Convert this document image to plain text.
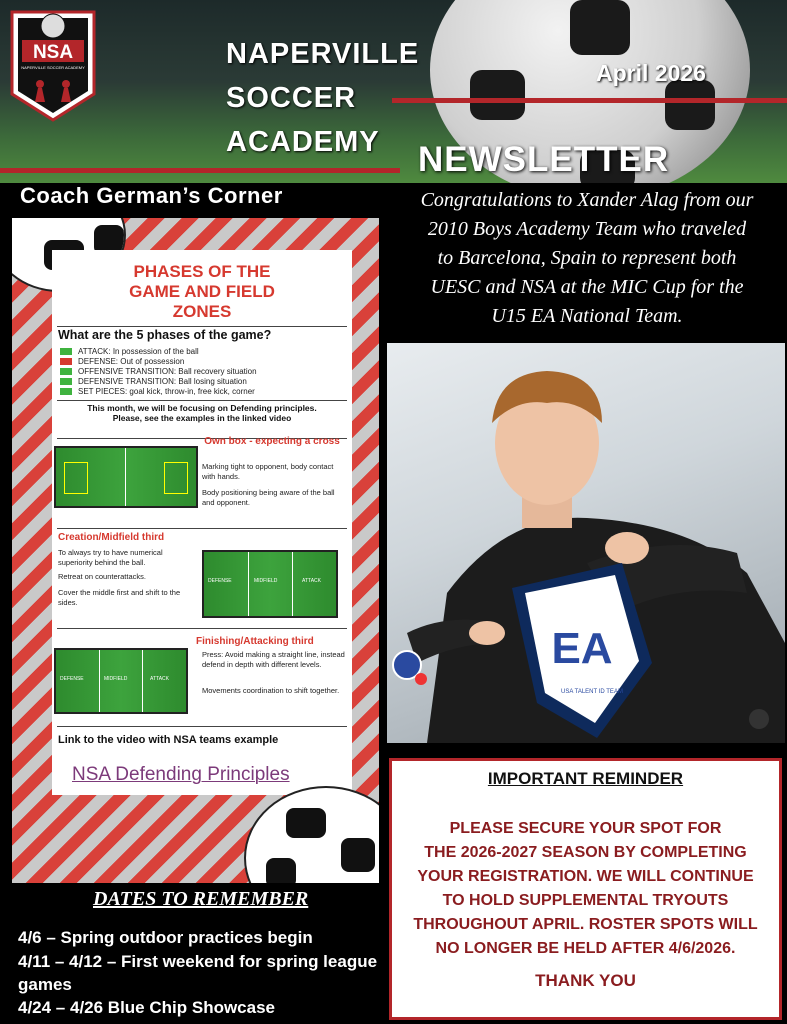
NSA
NAPERVILLE SOCCER ACADEMY	NAPERVILLE
SOCCER
ACADEMY
April 2026
NEWSLETTER
Coach German’s Corner
PHASES OF THE
GAME AND FIELD
ZONES
What are the 5 phases of the game?
ATTACK: In possession of the ball
DEFENSE: Out of possession
OFFENSIVE TRANSITION: Ball recovery situation
DEFENSIVE TRANSITION: Ball losing situation
SET PIECES: goal kick, throw-in, free kick, corner
This month, we will be focusing on Defending principles. Please, see the examples in the linked video
Own box - expecting a cross
Marking tight to opponent, body contact with hands.
Body positioning being aware of the ball and opponent.
Creation/Midfield third
To always try to have numerical superiority behind the ball.
Retreat on counterattacks.
Cover the middle first and shift to the sides.
DEFENSE	MIDFIELD	ATTACK
DEFENSE	MIDFIELD	ATTACK
Finishing/Attacking third
Press: Avoid making a straight line, instead defend in depth with different levels.
Movements coordination to shift together.
Link to the video with NSA teams example
NSA Defending Principles
DATES TO REMEMBER
4/6 – Spring outdoor practices begin
4/11 – 4/12 – First weekend for spring league
games
4/24 – 4/26 Blue Chip Showcase
Congratulations to Xander Alag from our
2010 Boys Academy Team who traveled
to Barcelona, Spain to represent both
UESC and NSA at the MIC Cup for the
U15 EA National Team.
EA
USA TALENT ID TEAM
IMPORTANT REMINDER
PLEASE SECURE YOUR SPOT FOR
THE 2026-2027 SEASON BY COMPLETING
YOUR REGISTRATION. WE WILL CONTINUE
TO HOLD SUPPLEMENTAL TRYOUTS
THROUGHOUT APRIL. ROSTER SPOTS WILL
NO LONGER BE HELD AFTER 4/6/2026.
THANK YOU
